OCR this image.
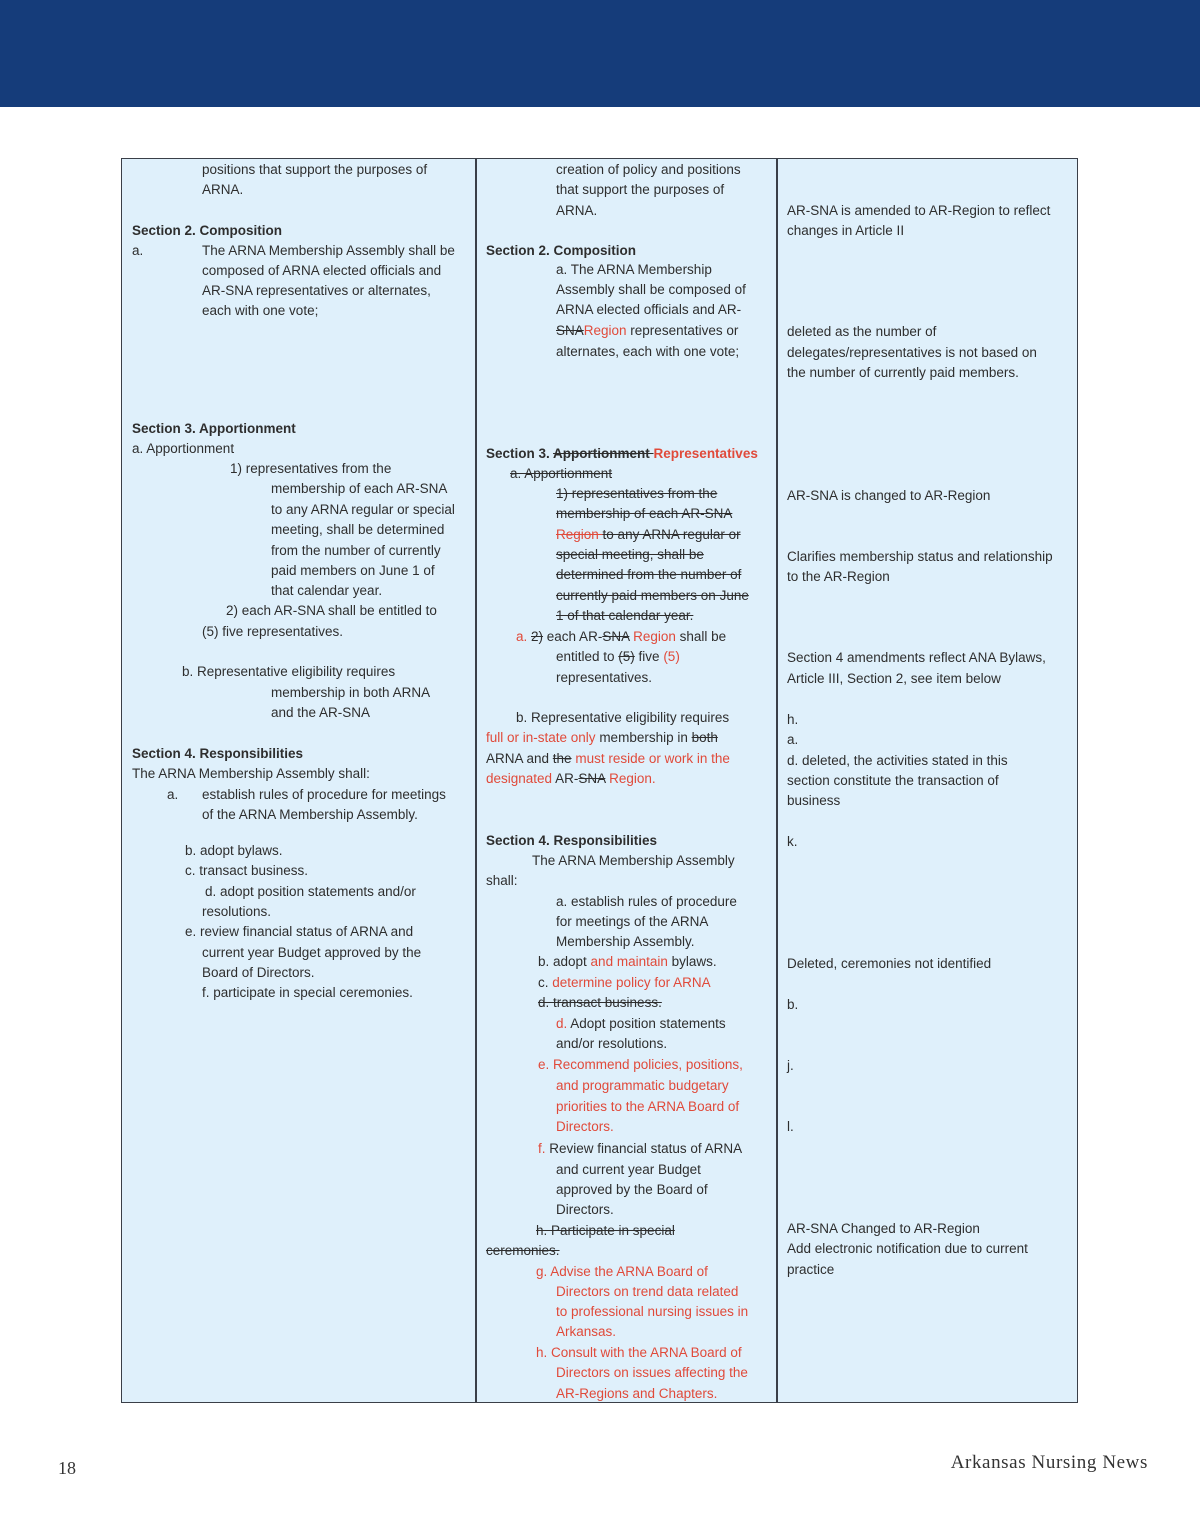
positions that support the purposes of
ARNA.
Section 2. Composition
a.	The ARNA Membership Assembly shall be
composed of ARNA elected officials and
AR-SNA representatives or alternates,
each with one vote;
Section 3. Apportionment
a. Apportionment
1) representatives from the
membership of each AR-SNA
to any ARNA regular or special
meeting, shall be determined
from the number of currently
paid members on June 1 of
that calendar year.
2) each AR-SNA shall be entitled to
(5) five representatives.
b. Representative eligibility requires
membership in both ARNA
and the AR-SNA
Section 4. Responsibilities
The ARNA Membership Assembly shall:
a. establish rules of procedure for meetings
of the ARNA Membership Assembly.
b. adopt bylaws.
c. transact business.
d. adopt position statements and/or
resolutions.
e. review financial status of ARNA and
current year Budget approved by the
Board of Directors.
f. participate in special ceremonies.
creation of policy and positions
that support the purposes of
ARNA.
Section 2. Composition
a. The ARNA Membership
Assembly shall be composed of
ARNA elected officials and AR-
SNARegion representatives or
alternates, each with one vote;
Section 3. Apportionment Representatives
a. Apportionment
1) representatives from the
membership of each AR-SNA
Region to any ARNA regular or
special meeting, shall be
determined from the number of
currently paid members on June
1 of that calendar year.
a. 2) each AR-SNA Region shall be
entitled to (5) five (5)
representatives.
b. Representative eligibility requires
full or in-state only membership in both
ARNA and the must reside or work in the
designated AR-SNA Region.
Section 4. Responsibilities
The ARNA Membership Assembly
shall:
a. establish rules of procedure
for meetings of the ARNA
Membership Assembly.
b. adopt and maintain bylaws.
c. determine policy for ARNA
d. transact business.
d. Adopt position statements
and/or resolutions.
e. Recommend policies, positions,
and programmatic budgetary
priorities to the ARNA Board of
Directors.
f. Review financial status of ARNA
and current year Budget
approved by the Board of
Directors.
h. Participate in special
ceremonies.
g. Advise the ARNA Board of
Directors on trend data related
to professional nursing issues in
Arkansas.
h. Consult with the ARNA Board of
Directors on issues affecting the
AR-Regions and Chapters.
AR-SNA is amended to AR-Region to reflect
changes in Article II
deleted as the number of
delegates/representatives is not based on
the number of currently paid members.
AR-SNA is changed to AR-Region
Clarifies membership status and relationship
to the AR-Region
Section 4 amendments reflect ANA Bylaws,
Article III, Section 2, see item below
h.
a.
d. deleted, the activities stated in this
section constitute the transaction of
business
k.
Deleted, ceremonies not identified
b.
j.
l.
AR-SNA Changed to AR-Region
Add electronic notification due to current
practice
18	Arkansas Nursing News
